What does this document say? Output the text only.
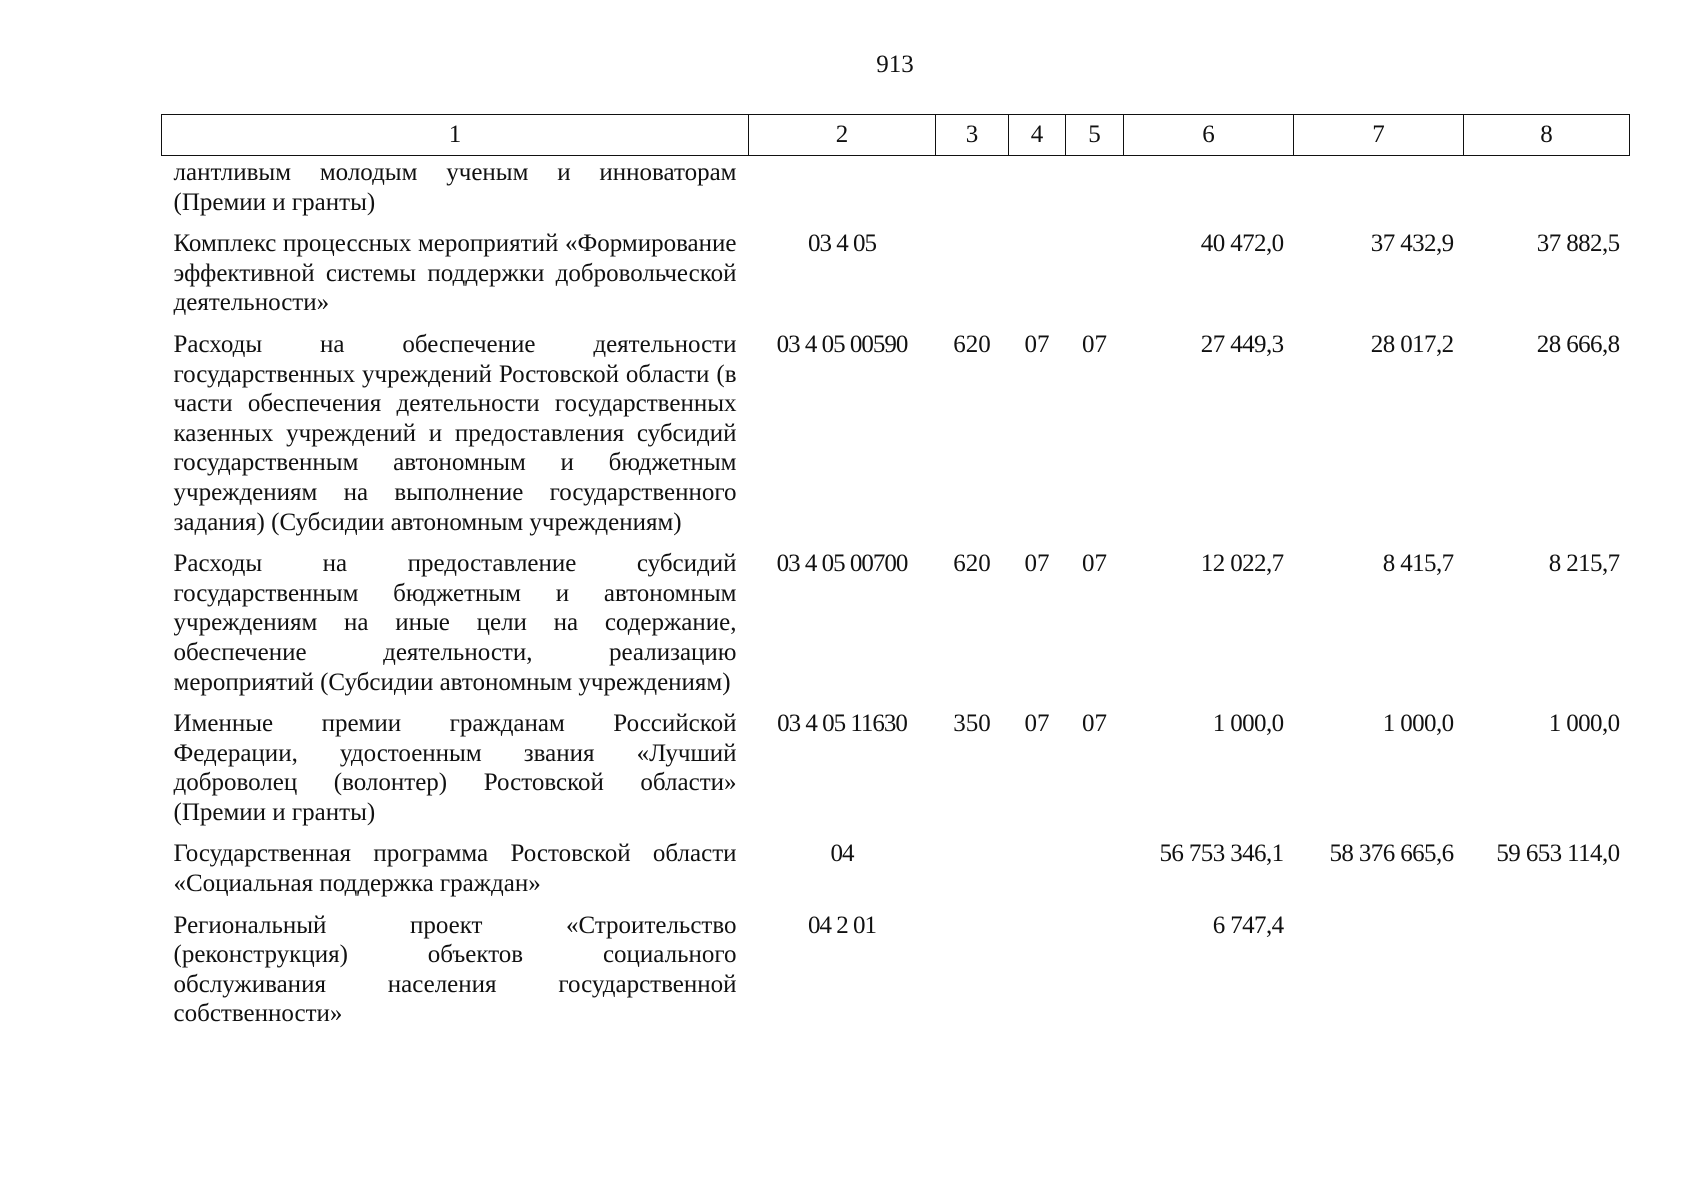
913
1	2	3	4	5	6	7	8
лантливым молодым ученым и инноваторам (Премии и гранты)							
Комплекс процессных мероприятий «Формирование эффективной системы поддержки добровольческой деятельности»	03 4 05				40 472,0	37 432,9	37 882,5
Расходы на обеспечение деятельности государственных учреждений Ростовской области (в части обеспечения деятельности государственных казенных учреждений и предоставления субсидий государственным автономным и бюджетным учреждениям на выполнение государственного задания) (Субсидии автономным учреждениям)	03 4 05 00590	620	07	07	27 449,3	28 017,2	28 666,8
Расходы на предоставление субсидий государственным бюджетным и автономным учреждениям на иные цели на содержание, обеспечение деятельности, реализацию мероприятий (Субсидии автономным учреждениям)	03 4 05 00700	620	07	07	12 022,7	8 415,7	8 215,7
Именные премии гражданам Российской Федерации, удостоенным звания «Лучший доброволец (волонтер) Ростовской области» (Премии и гранты)	03 4 05 11630	350	07	07	1 000,0	1 000,0	1 000,0
Государственная программа Ростовской области «Социальная поддержка граждан»	04				56 753 346,1	58 376 665,6	59 653 114,0
Региональный проект «Строительство (реконструкция) объектов социального обслуживания населения государственной собственности»	04 2 01				6 747,4		
